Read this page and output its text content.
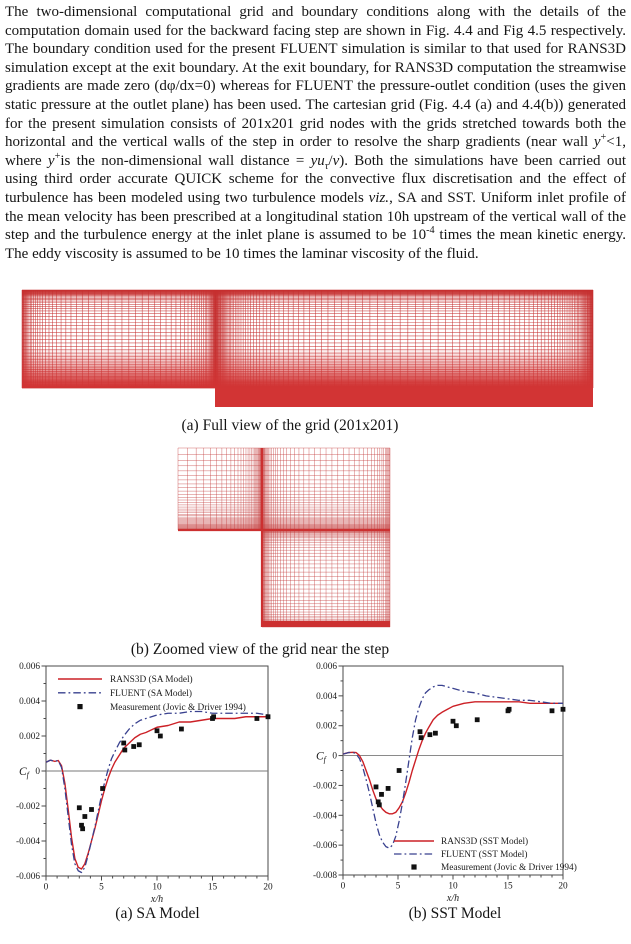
The two-dimensional computational grid and boundary conditions along with the details of the computation domain used for the backward facing step are shown in Fig. 4.4 and Fig 4.5 respectively. The boundary condition used for the present FLUENT simulation is similar to that used for RANS3D simulation except at the exit boundary. At the exit boundary, for RANS3D computation the streamwise gradients are made zero (dφ/dx=0) whereas for FLUENT the pressure-outlet condition (uses the given static pressure at the outlet plane) has been used. The cartesian grid (Fig. 4.4 (a) and 4.4(b)) generated for the present simulation consists of 201x201 grid nodes with the grids stretched towards both the horizontal and the vertical walls of the step in order to resolve the sharp gradients (near wall y+<1, where y+is the non-dimensional wall distance = $yu_\tau/\nu$). Both the simulations have been carried out using third order accurate QUICK scheme for the convective flux discretisation and the effect of turbulence has been modeled using two turbulence models viz., SA and SST. Uniform inlet profile of the mean velocity has been prescribed at a longitudinal station 10h upstream of the vertical wall of the step and the turbulence energy at the inlet plane is assumed to be $10^{-4}$ times the mean kinetic energy. The eddy viscosity is assumed to be 10 times the laminar viscosity of the fluid.

(a) Full view of the grid (201x201)
(b) Zoomed view of the grid near the step
0	5	10	15	20
-0.006
-0.004
-0.002
0
0.002
0.004
0.006
x/h
$C_f$
RANS3D (SA Model)
FLUENT (SA Model)
Measurement (Jovic & Driver 1994)
0	5	10	15	20
-0.008
-0.006
-0.004
-0.002
0
0.002
0.004
0.006
x/h
$C_f$
RANS3D (SST Model)
FLUENT (SST Model)
Measurement (Jovic & Driver 1994)
(a) SA Model	(b) SST Model
